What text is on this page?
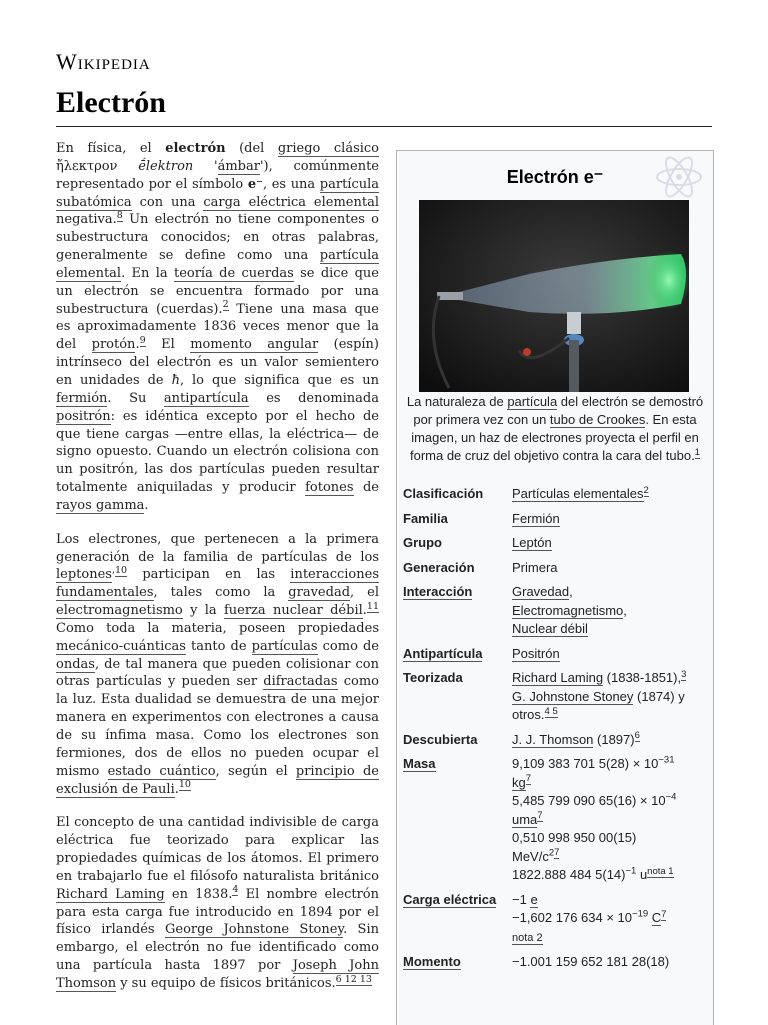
Wikipedia
Electrón

En física, el electrón (del griego clásico ἤλεκτρον ḗlektron 'ámbar'), comúnmente representado por el símbolo e⁻, es una partícula subatómica con una carga eléctrica elemental negativa.$^8$ Un electrón no tiene componentes o subestructura conocidos; en otras palabras, generalmente se define como una partícula elemental. En la teoría de cuerdas se dice que un electrón se encuentra formado por una subestructura (cuerdas).$^2$ Tiene una masa que es aproximadamente 1836 veces menor que la del protón.$^9$ El momento angular (espín) intrínseco del electrón es un valor semientero en unidades de ħ, lo que significa que es un fermión. Su antipartícula es denominada positrón: es idéntica excepto por el hecho de que tiene cargas —entre ellas, la eléctrica— de signo opuesto. Cuando un electrón colisiona con un positrón, las dos partículas pueden resultar totalmente aniquiladas y producir fotones de rayos gamma.

Los electrones, que pertenecen a la primera generación de la familia de partículas de los leptones$^{,10}$ participan en las interacciones fundamentales, tales como la gravedad, el electromagnetismo y la fuerza nuclear débil.$^{11}$ Como toda la materia, poseen propiedades mecánico-cuánticas tanto de partículas como de ondas, de tal manera que pueden colisionar con otras partículas y pueden ser difractadas como la luz. Esta dualidad se demuestra de una mejor manera en experimentos con electrones a causa de su ínfima masa. Como los electrones son fermiones, dos de ellos no pueden ocupar el mismo estado cuántico, según el principio de exclusión de Pauli.$^{10}$

El concepto de una cantidad indivisible de carga eléctrica fue teorizado para explicar las propiedades químicas de los átomos. El primero en trabajarlo fue el filósofo naturalista británico Richard Laming en 1838.$^4$ El nombre electrón para esta carga fue introducido en 1894 por el físico irlandés George Johnstone Stoney. Sin embargo, el electrón no fue identificado como una partícula hasta 1897 por Joseph John Thomson y su equipo de físicos británicos.$^{6 12 13}$

Electrón e⁻
La naturaleza de partícula del electrón se demostró por primera vez con un tubo de Crookes. En esta imagen, un haz de electrones proyecta el perfil en forma de cruz del objetivo contra la cara del tubo.$^1$
Clasificación	Partículas elementales$^2$
Familia	Fermión
Grupo	Leptón
Generación	Primera
Interacción	Gravedad,
Electromagnetismo,
Nuclear débil
Antipartícula	Positrón
Teorizada	Richard Laming (1838-1851),$^3$
G. Johnstone Stoney (1874) y otros.$^{4 5}$
Descubierta	J. J. Thomson $(1897)^6$
Masa	9,109 383 701 $5(28) \times 10^{-31}$
$kg^7$
5,485 799 090 $65(16) \times 10^{-4}$
uma$^7$
0,510 998 950 00(15)
MeV/$c^{27}$
1822.888 484 $5(14)^{-1}$ $u^{nota 1}$
Carga eléctrica	−1 e
−1,602 176 $634 \times 10^{-19}$ $C^7$
nota 2
Momento	−1.001 159 652 181 28(18)
